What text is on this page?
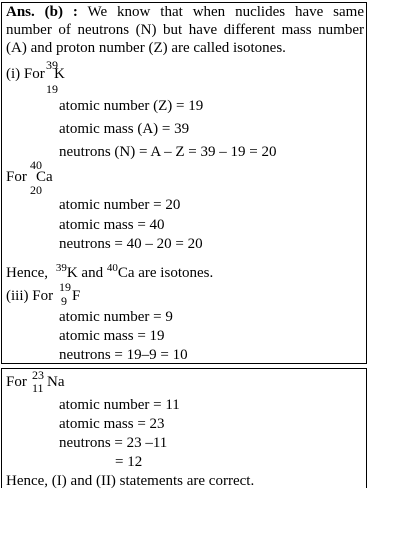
Ans. (b) : We know that when nuclides have same
number of neutrons (N) but have different mass number
(A) and proton number (Z) are called isotones.
(i) For
39
K
19
atomic number (Z) = 19
atomic mass (A) = 39
neutrons (N) = A – Z = 39 – 19 = 20
40
For Ca
20
atomic number = 20
atomic mass = 40
neutrons = 40 – 20 = 20
Hence, $^{39}$K and $^{40}$Ca are isotones.
(iii) For
19
F
9
atomic number = 9
atomic mass = 19
neutrons = 19–9 = 10
For 23 Na
11
atomic number = 11
atomic mass = 23
neutrons = 23 –11
= 12
Hence, (I) and (II) statements are correct.
